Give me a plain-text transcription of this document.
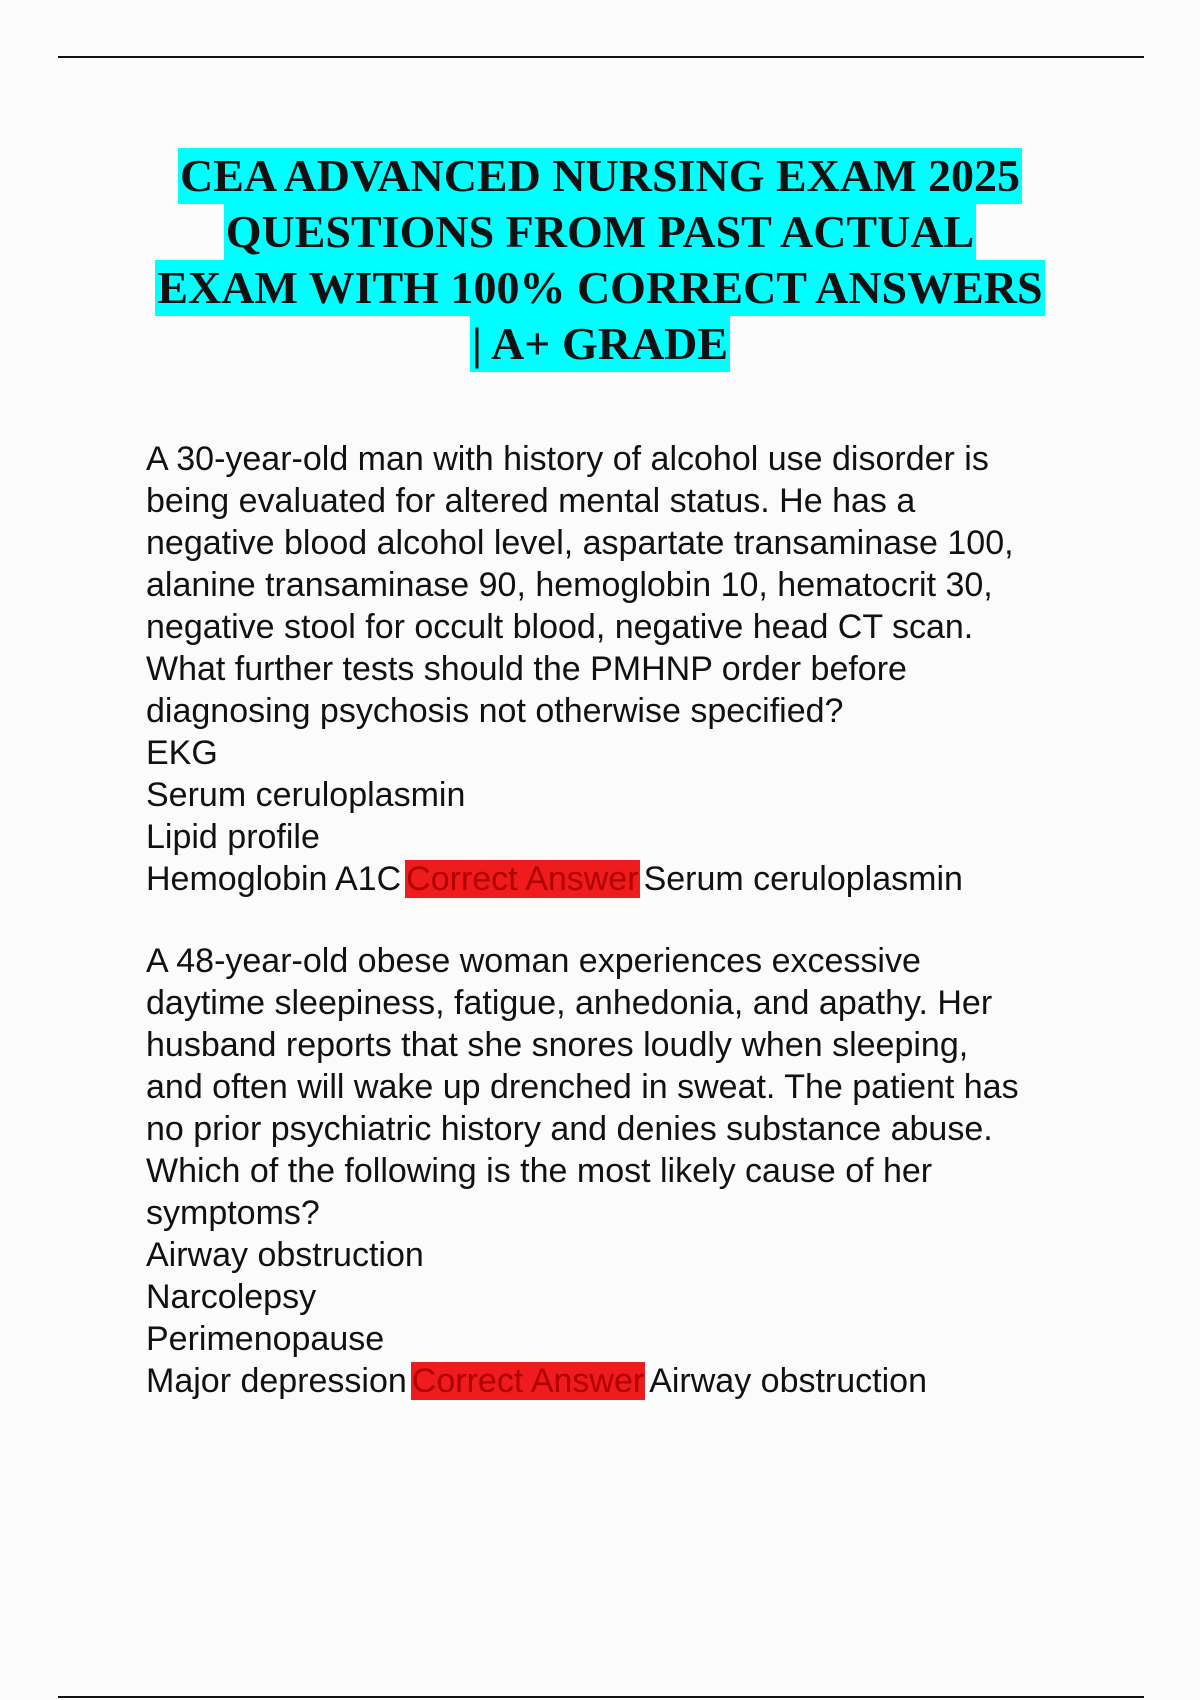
CEA ADVANCED NURSING EXAM 2025
QUESTIONS FROM PAST ACTUAL
EXAM WITH 100% CORRECT ANSWERS
| A+ GRADE

A 30-year-old man with history of alcohol use disorder is
being evaluated for altered mental status. He has a
negative blood alcohol level, aspartate transaminase 100,
alanine transaminase 90, hemoglobin 10, hematocrit 30,
negative stool for occult blood, negative head CT scan.
What further tests should the PMHNP order before
diagnosing psychosis not otherwise specified?

EKG
Serum ceruloplasmin
Lipid profile
Hemoglobin A1C Correct Answer Serum ceruloplasmin

A 48-year-old obese woman experiences excessive
daytime sleepiness, fatigue, anhedonia, and apathy. Her
husband reports that she snores loudly when sleeping,
and often will wake up drenched in sweat. The patient has
no prior psychiatric history and denies substance abuse.
Which of the following is the most likely cause of her
symptoms?

Airway obstruction
Narcolepsy
Perimenopause
Major depression Correct Answer Airway obstruction
